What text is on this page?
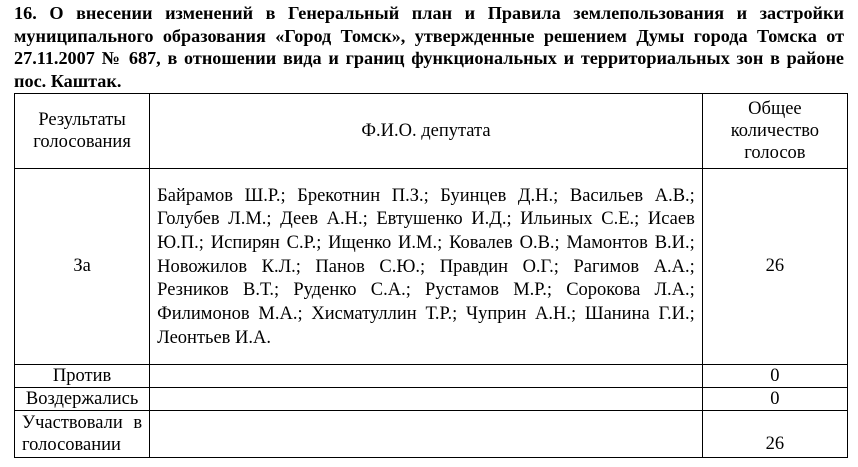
16. О внесении изменений в Генеральный план и Правила землепользования и застройки муниципального образования «Город Томск», утвержденные решением Думы города Томска от 27.11.2007 № 687, в отношении вида и границ функциональных и территориальных зон в районе пос. Каштак.
Результаты голосования	Ф.И.О. депутата	Общее количество голосов
За	Байрамов Ш.Р.; Брекотнин П.З.; Буинцев Д.Н.; Васильев А.В.; Голубев Л.М.; Деев А.Н.; Евтушенко И.Д.; Ильиных С.Е.; Исаев Ю.П.; Испирян С.Р.; Ищенко И.М.; Ковалев О.В.; Мамонтов В.И.; Новожилов К.Л.; Панов С.Ю.; Правдин О.Г.; Рагимов А.А.; Резников В.Т.; Руденко С.А.; Рустамов М.Р.; Сорокова Л.А.; Филимонов М.А.; Хисматуллин Т.Р.; Чуприн А.Н.; Шанина Г.И.; Леонтьев И.А.	26
Против		0
Воздержались		0
Участвовали в голосовании		26
